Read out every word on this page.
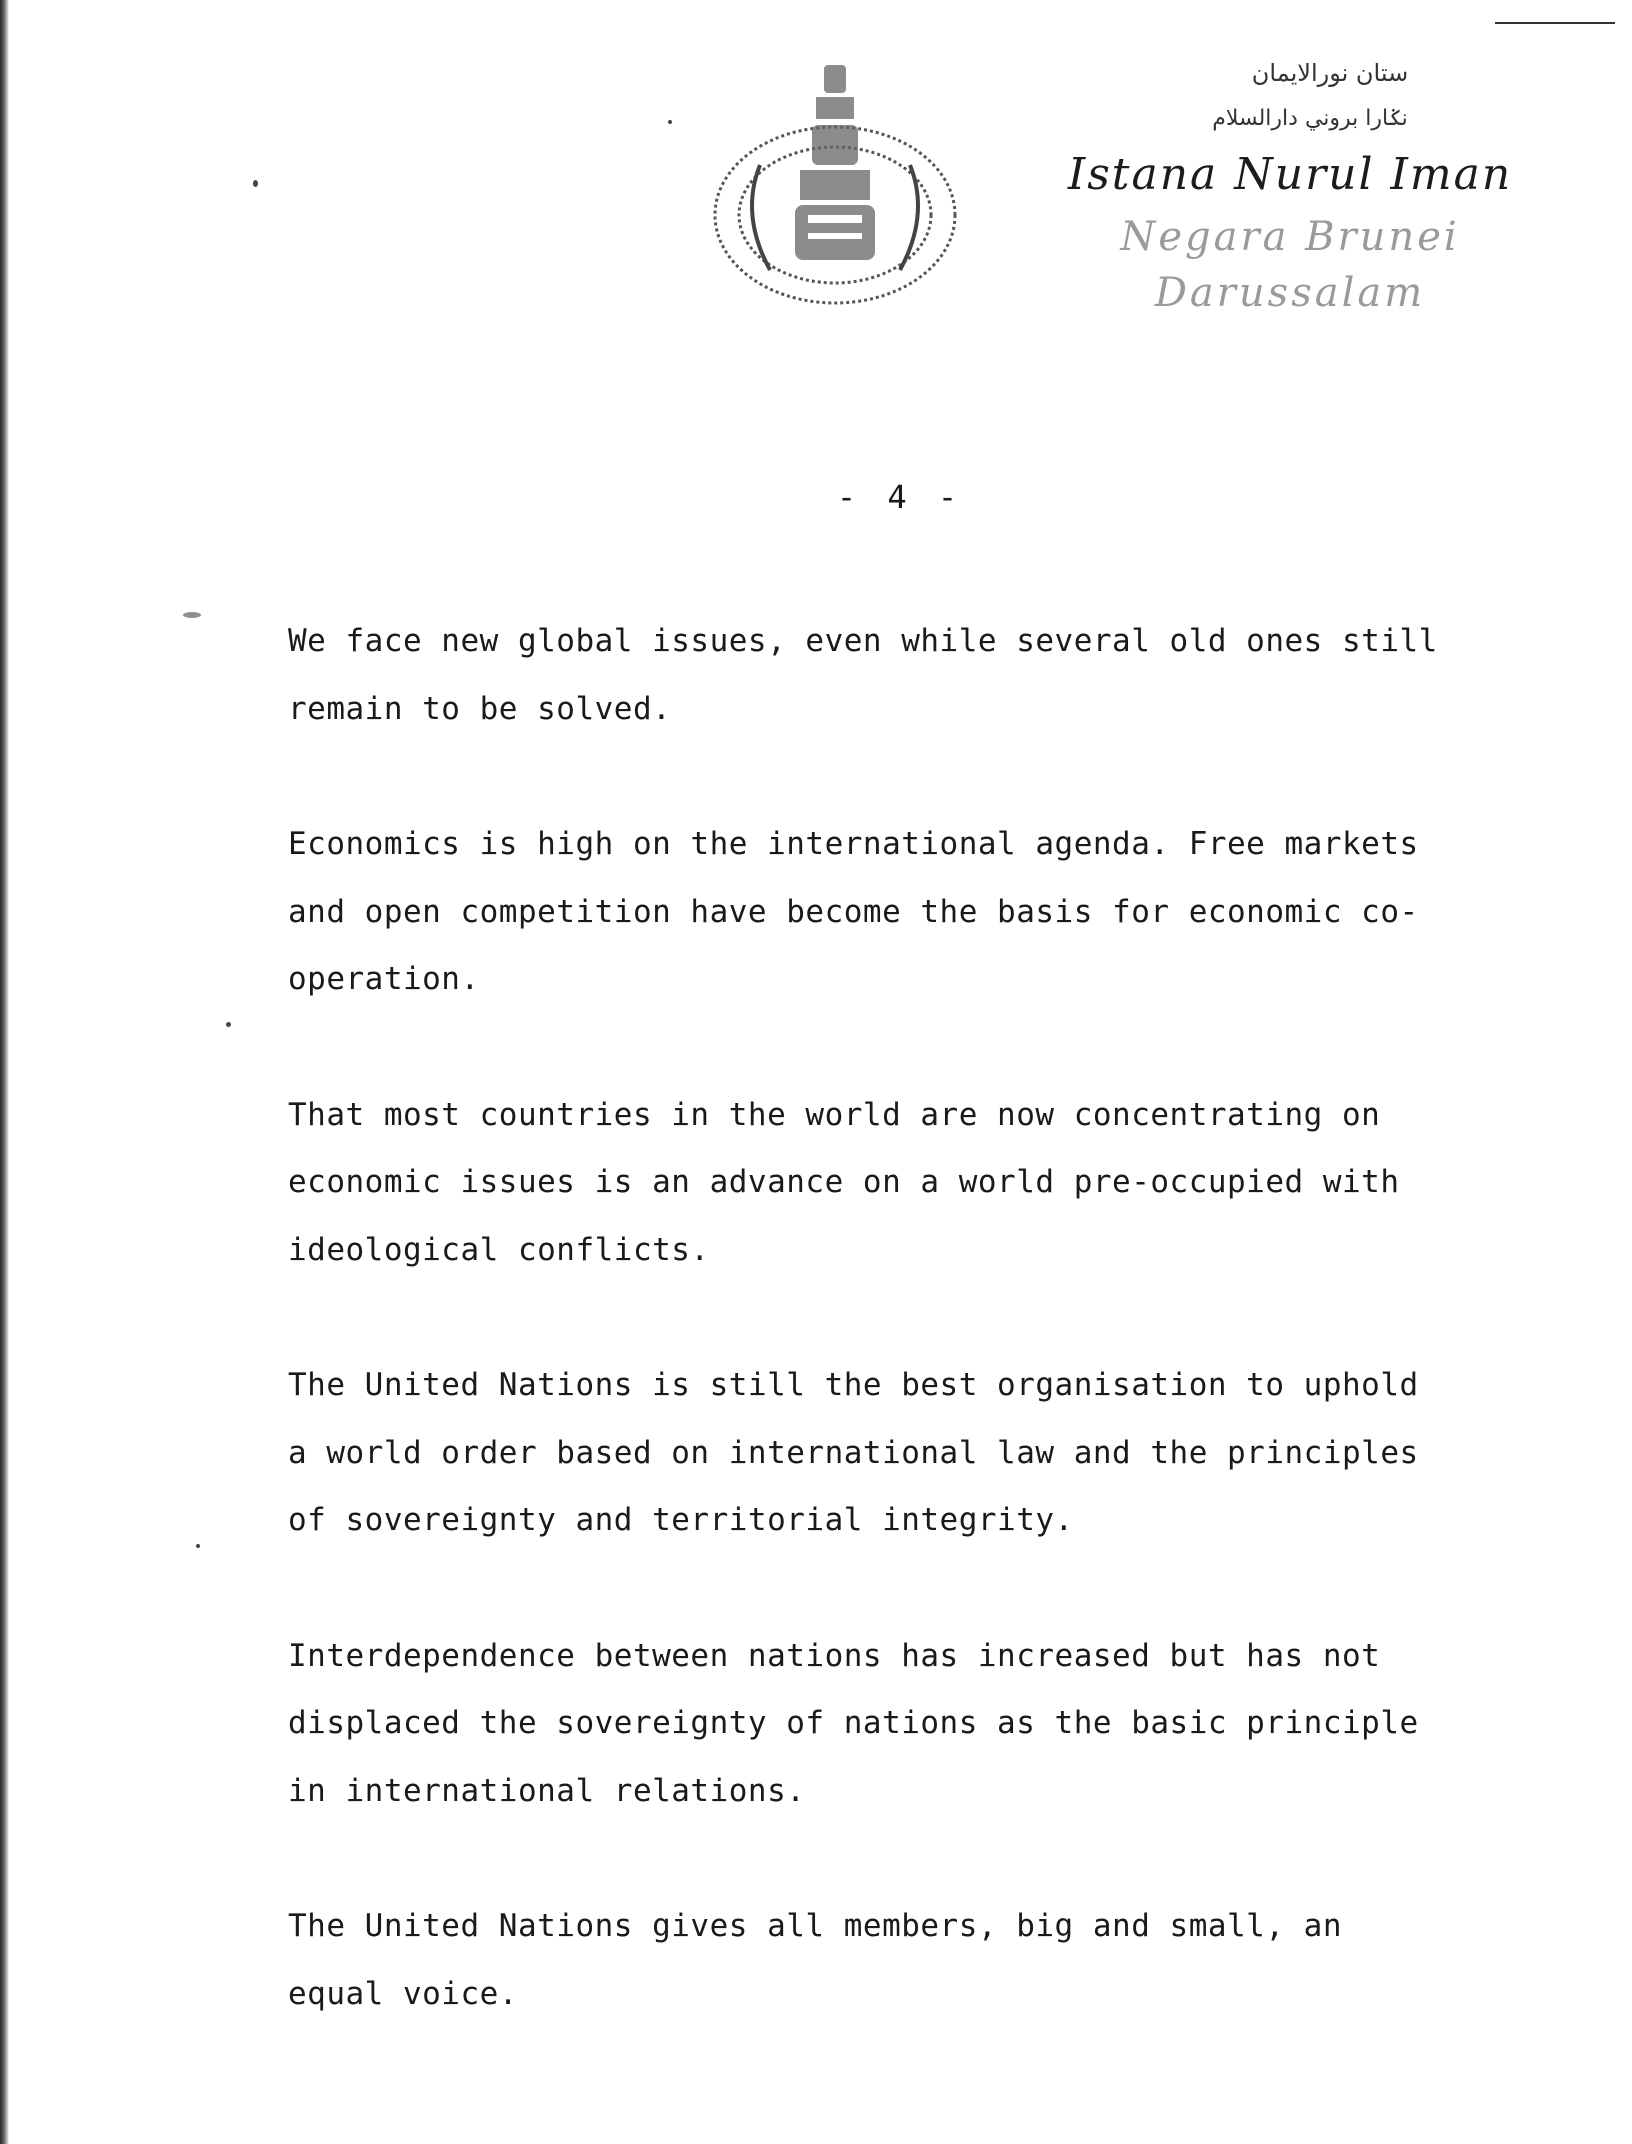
ستان نورالايمان
نݢارا بروني دارالسلام
Istana Nurul Iman
Negara Brunei Darussalam
- 4 -

We face new global issues, even while several old ones still
remain to be solved.

Economics is high on the international agenda. Free markets
and open competition have become the basis for economic co-
operation.

That most countries in the world are now concentrating on
economic issues is an advance on a world pre-occupied with
ideological conflicts.

The United Nations is still the best organisation to uphold
a world order based on international law and the principles
of sovereignty and territorial integrity.

Interdependence between nations has increased but has not
displaced the sovereignty of nations as the basic principle
in international relations.

The United Nations gives all members, big and small, an
equal voice.
